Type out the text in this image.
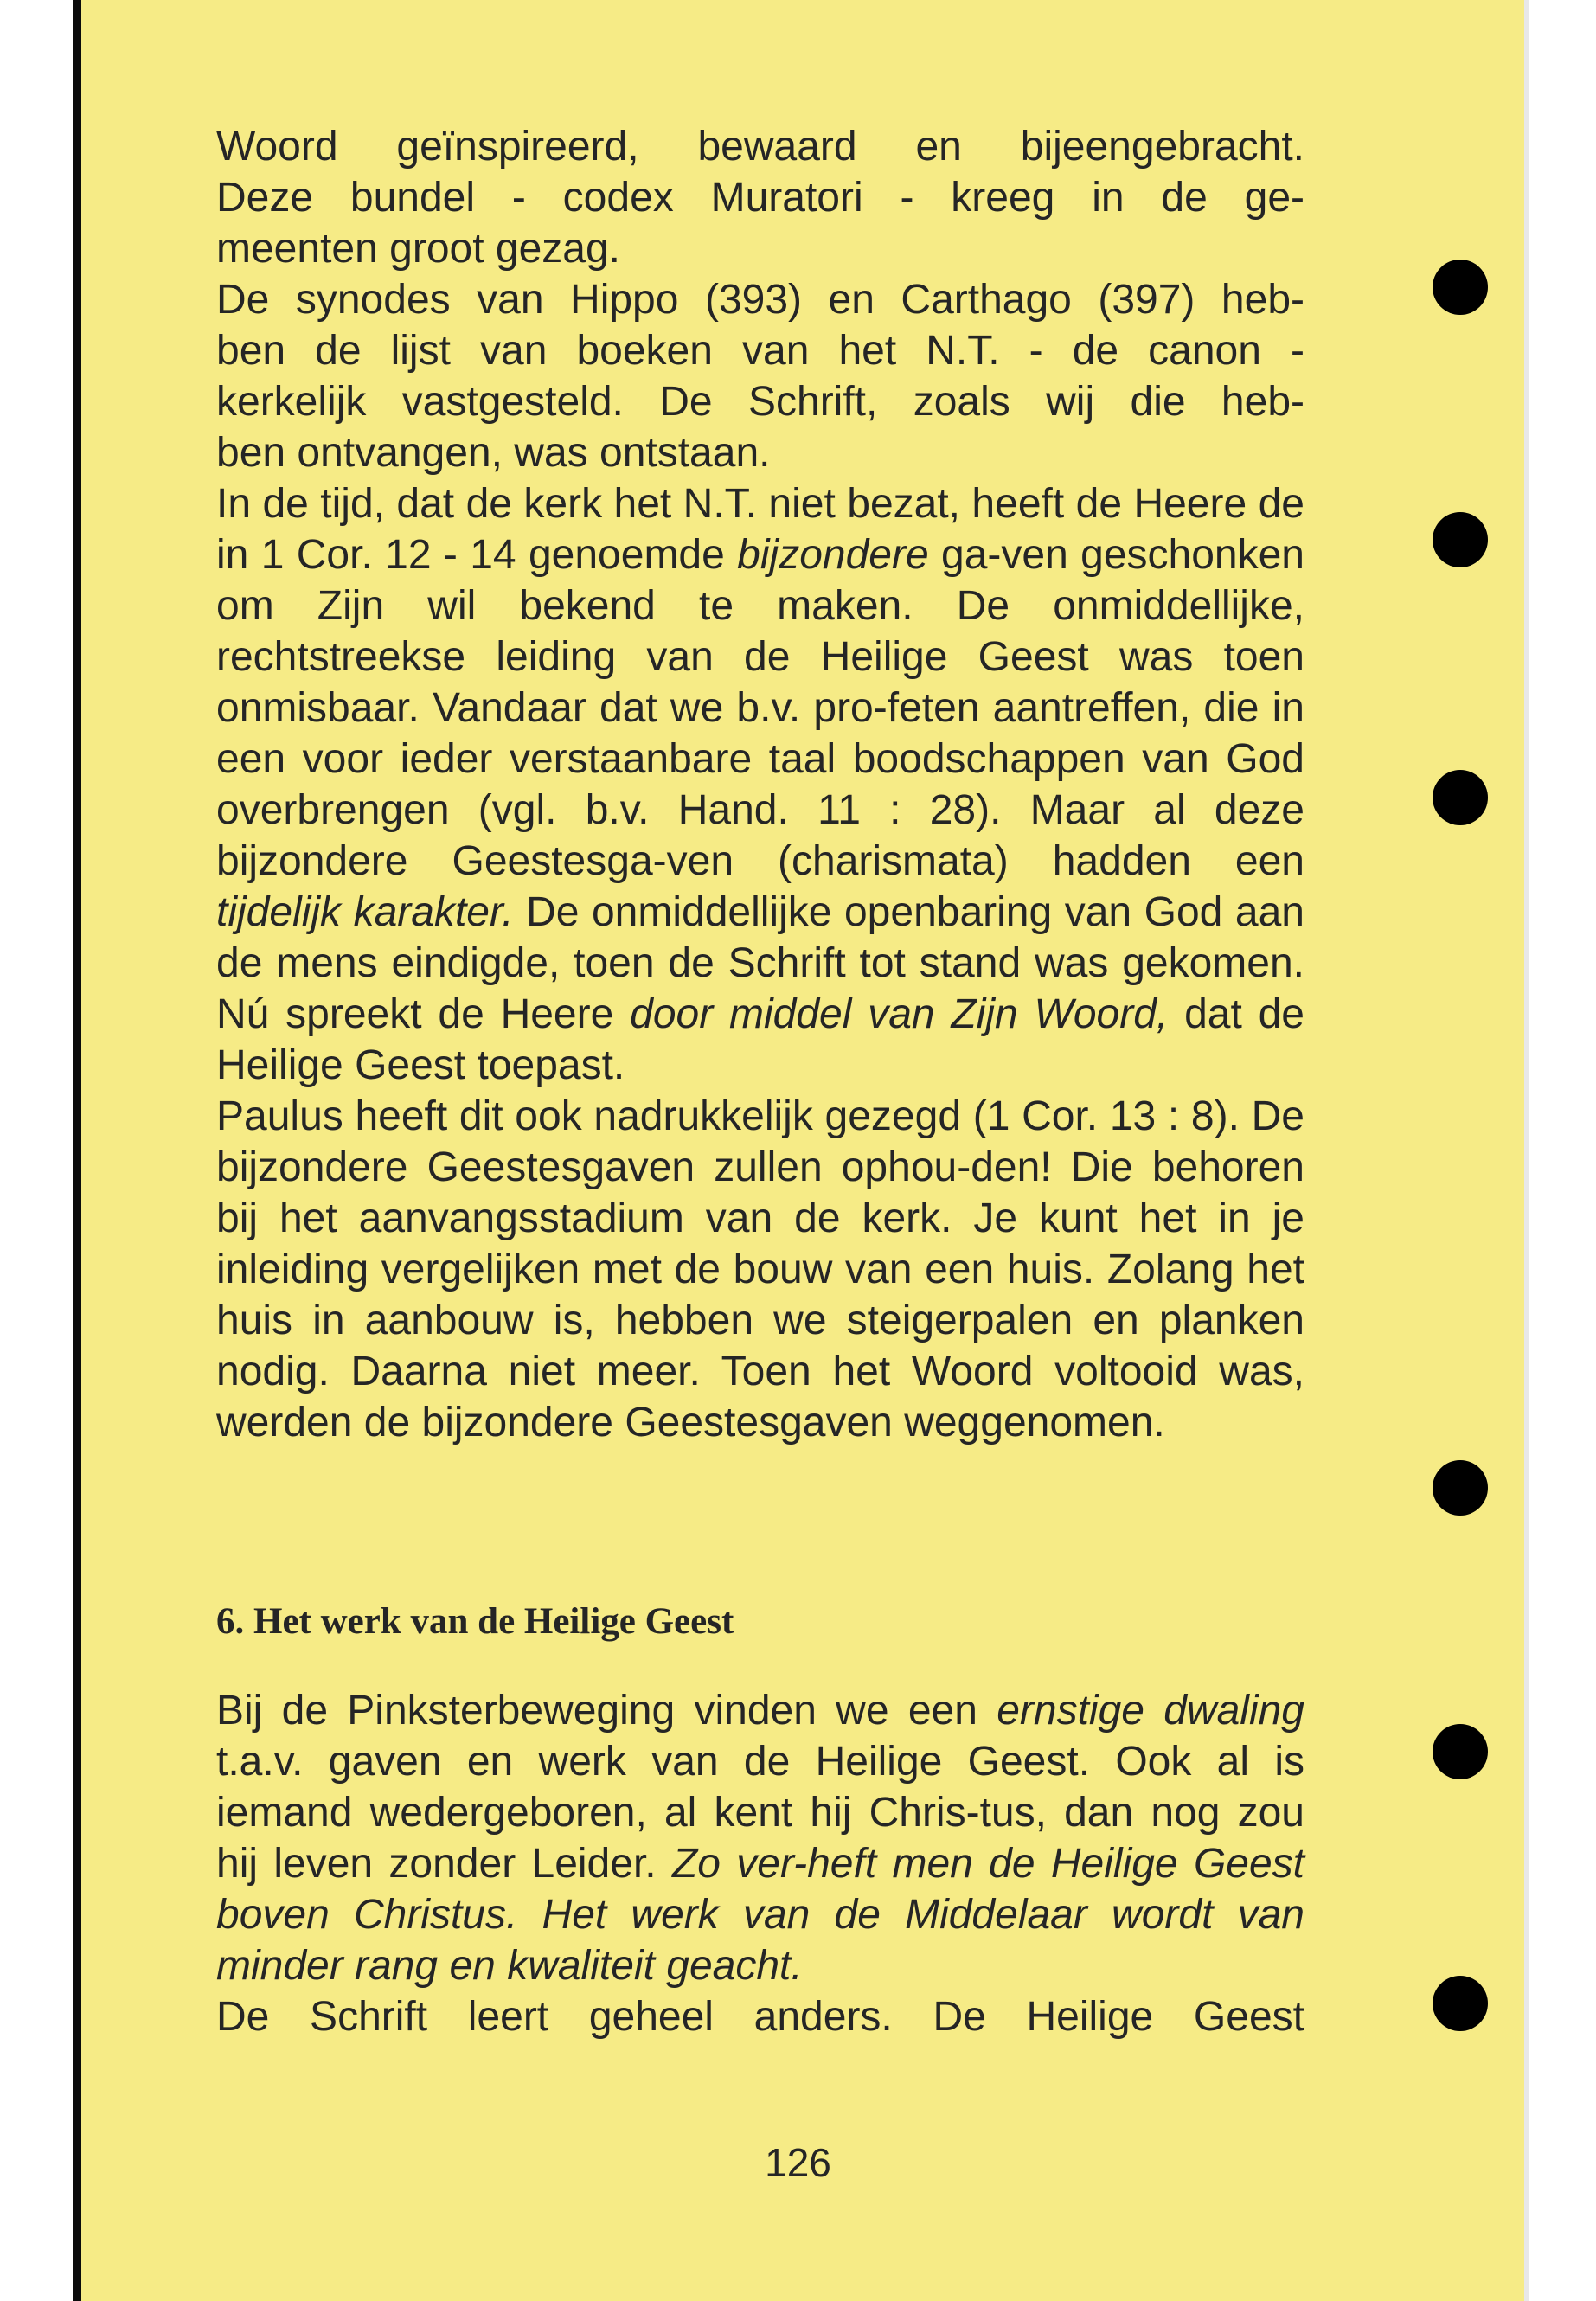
Woord geïnspireerd, bewaard en bijeengebracht.
Deze bundel - codex Muratori - kreeg in de ge-
meenten groot gezag.

De synodes van Hippo (393) en Carthago (397) heb-
ben de lijst van boeken van het N.T. - de canon -
kerkelijk vastgesteld. De Schrift, zoals wij die heb-
ben ontvangen, was ontstaan.

In de tijd, dat de kerk het N.T. niet bezat, heeft de Heere de in 1 Cor. 12 - 14 genoemde bijzondere ga-ven geschonken om Zijn wil bekend te maken. De onmiddellijke, rechtstreekse leiding van de Heilige Geest was toen onmisbaar. Vandaar dat we b.v. pro-feten aantreffen, die in een voor ieder verstaanbare taal boodschappen van God overbrengen (vgl. b.v. Hand. 11 : 28). Maar al deze bijzondere Geestesga-ven (charismata) hadden een tijdelijk karakter. De onmiddellijke openbaring van God aan de mens eindigde, toen de Schrift tot stand was gekomen. Nú spreekt de Heere door middel van Zijn Woord, dat de Heilige Geest toepast.

Paulus heeft dit ook nadrukkelijk gezegd (1 Cor. 13 : 8). De bijzondere Geestesgaven zullen ophou-den! Die behoren bij het aanvangsstadium van de kerk. Je kunt het in je inleiding vergelijken met de bouw van een huis. Zolang het huis in aanbouw is, hebben we steigerpalen en planken nodig. Daarna niet meer. Toen het Woord voltooid was, werden de bijzondere Geestesgaven weggenomen.

6. Het werk van de Heilige Geest

Bij de Pinksterbeweging vinden we een ernstige dwaling t.a.v. gaven en werk van de Heilige Geest. Ook al is iemand wedergeboren, al kent hij Chris-tus, dan nog zou hij leven zonder Leider. Zo ver-heft men de Heilige Geest boven Christus. Het werk van de Middelaar wordt van minder rang en kwaliteit geacht.

De Schrift leert geheel anders. De Heilige Geest

126
